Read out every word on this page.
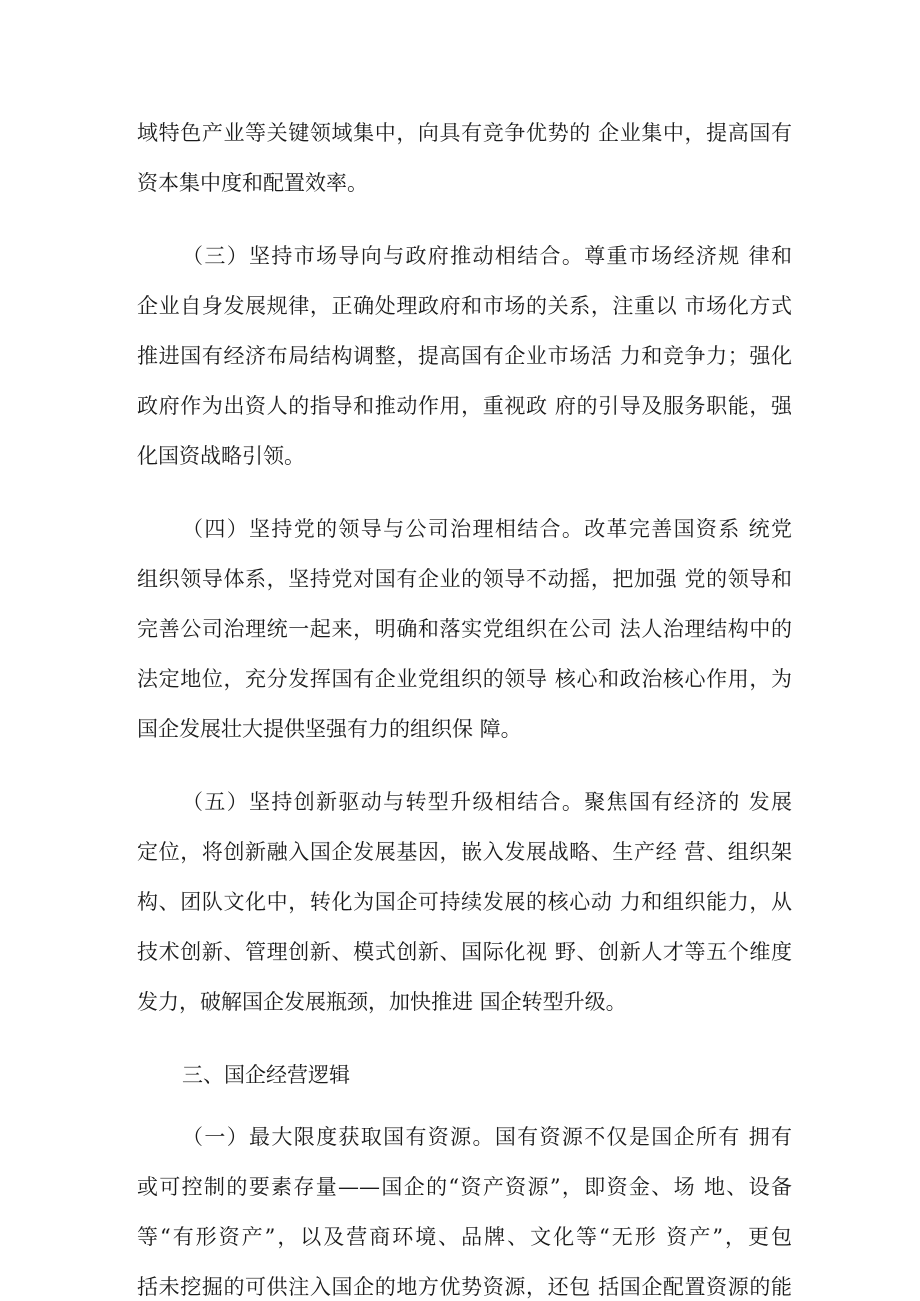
域特色产业等关键领域集中，向具有竞争优势的 企业集中，提高国有
资本集中度和配置效率。
（三）坚持市场导向与政府推动相结合。尊重市场经济规 律和
企业自身发展规律，正确处理政府和市场的关系，注重以 市场化方式
推进国有经济布局结构调整，提高国有企业市场活 力和竞争力；强化
政府作为出资人的指导和推动作用，重视政 府的引导及服务职能，强
化国资战略引领。
（四）坚持党的领导与公司治理相结合。改革完善国资系 统党
组织领导体系，坚持党对国有企业的领导不动摇，把加强 党的领导和
完善公司治理统一起来，明确和落实党组织在公司 法人治理结构中的
法定地位，充分发挥国有企业党组织的领导 核心和政治核心作用，为
国企发展壮大提供坚强有力的组织保 障。
（五）坚持创新驱动与转型升级相结合。聚焦国有经济的 发展
定位，将创新融入国企发展基因，嵌入发展战略、生产经 营、组织架
构、团队文化中，转化为国企可持续发展的核心动 力和组织能力，从
技术创新、管理创新、模式创新、国际化视 野、创新人才等五个维度
发力，破解国企发展瓶颈，加快推进 国企转型升级。
三、国企经营逻辑
（一）最大限度获取国有资源。国有资源不仅是国企所有 拥有
或可控制的要素存量——国企的“资产资源”，即资金、场 地、设备
等“有形资产”，以及营商环境、品牌、文化等“无形 资产”，更包
括未挖掘的可供注入国企的地方优势资源，还包 括国企配置资源的能
